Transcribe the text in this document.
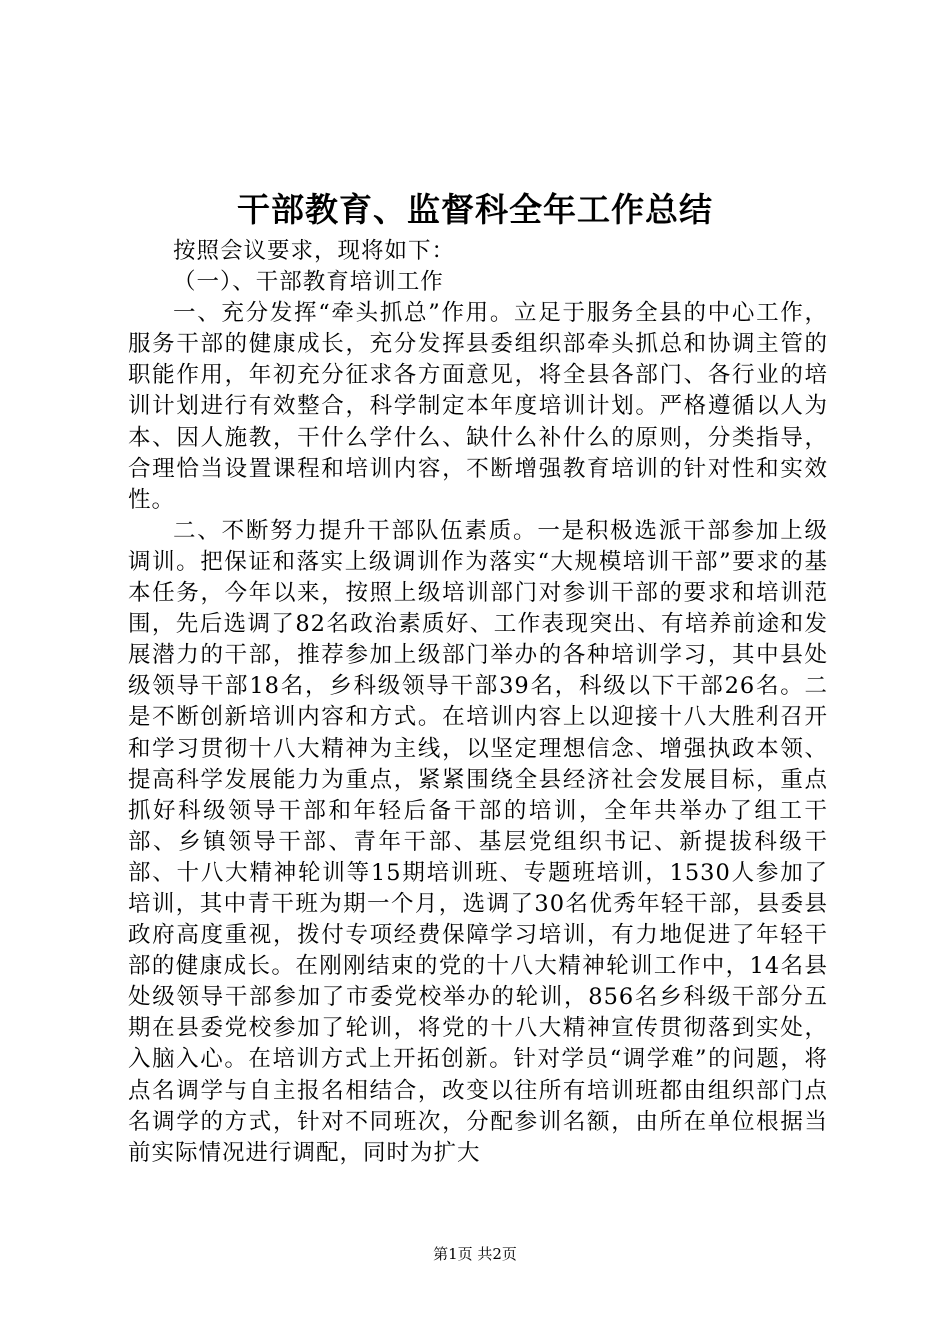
干部教育、监督科全年工作总结

按照会议要求，现将如下：

（一）、干部教育培训工作

一、充分发挥“牵头抓总”作用。立足于服务全县的中心工作，服务干部的健康成长，充分发挥县委组织部牵头抓总和协调主管的职能作用，年初充分征求各方面意见，将全县各部门、各行业的培训计划进行有效整合，科学制定本年度培训计划。严格遵循以人为本、因人施教，干什么学什么、缺什么补什么的原则，分类指导，合理恰当设置课程和培训内容，不断增强教育培训的针对性和实效性。

二、不断努力提升干部队伍素质。一是积极选派干部参加上级调训。把保证和落实上级调训作为落实“大规模培训干部”要求的基本任务，今年以来，按照上级培训部门对参训干部的要求和培训范围，先后选调了82名政治素质好、工作表现突出、有培养前途和发展潜力的干部，推荐参加上级部门举办的各种培训学习，其中县处级领导干部18名，乡科级领导干部39名，科级以下干部26名。二是不断创新培训内容和方式。在培训内容上以迎接十八大胜利召开和学习贯彻十八大精神为主线，以坚定理想信念、增强执政本领、提高科学发展能力为重点，紧紧围绕全县经济社会发展目标，重点抓好科级领导干部和年轻后备干部的培训，全年共举办了组工干部、乡镇领导干部、青年干部、基层党组织书记、新提拔科级干部、十八大精神轮训等15期培训班、专题班培训，1530人参加了培训，其中青干班为期一个月，选调了30名优秀年轻干部，县委县政府高度重视，拨付专项经费保障学习培训，有力地促进了年轻干部的健康成长。在刚刚结束的党的十八大精神轮训工作中，14名县处级领导干部参加了市委党校举办的轮训，856名乡科级干部分五期在县委党校参加了轮训，将党的十八大精神宣传贯彻落到实处，入脑入心。在培训方式上开拓创新。针对学员“调学难”的问题，将点名调学与自主报名相结合，改变以往所有培训班都由组织部门点名调学的方式，针对不同班次，分配参训名额，由所在单位根据当前实际情况进行调配，同时为扩大

第1页 共2页
